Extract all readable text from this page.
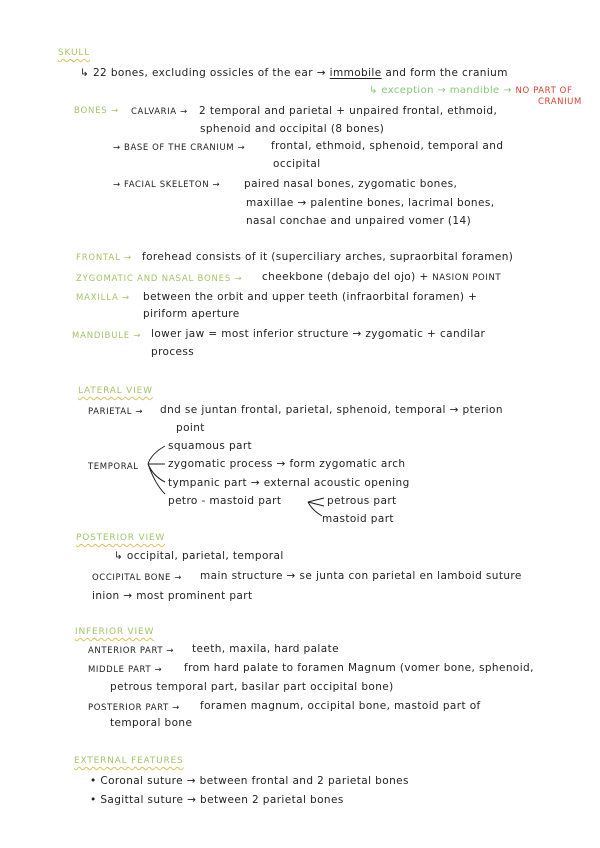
SKULL
↳ 22 bones, excluding ossicles of the ear → immobile and form the cranium
↳ exception → mandible → NO PART OF
CRANIUM
BONES → CALVARIA → 2 temporal and parietal + unpaired frontal, ethmoid,
sphenoid and occipital (8 bones)
→ BASE OF THE CRANIUM → frontal, ethmoid, sphenoid, temporal and
occipital
→ FACIAL SKELETON → paired nasal bones, zygomatic bones,
maxillae → palentine bones, lacrimal bones,
nasal conchae and unpaired vomer (14)
FRONTAL → forehead consists of it (superciliary arches, supraorbital foramen)
ZYGOMATIC AND NASAL BONES → cheekbone (debajo del ojo) + NASION POINT
MAXILLA → between the orbit and upper teeth (infraorbital foramen) +
piriform aperture
MANDIBULE → lower jaw = most inferior structure → zygomatic + candilar
process
LATERAL VIEW
PARIETAL → dnd se juntan frontal, parietal, sphenoid, temporal → pterion
point
TEMPORAL
squamous part
zygomatic process → form zygomatic arch
tympanic part → external acoustic opening
petro - mastoid part	petrous part
mastoid part
POSTERIOR VIEW
↳ occipital, parietal, temporal
OCCIPITAL BONE → main structure → se junta con parietal en lamboid suture
inion → most prominent part
INFERIOR VIEW
ANTERIOR PART → teeth, maxila, hard palate
MIDDLE PART → from hard palate to foramen Magnum (vomer bone, sphenoid,
petrous temporal part, basilar part occipital bone)
POSTERIOR PART → foramen magnum, occipital bone, mastoid part of
temporal bone
EXTERNAL FEATURES
• Coronal suture → between frontal and 2 parietal bones
• Sagittal suture → between 2 parietal bones
